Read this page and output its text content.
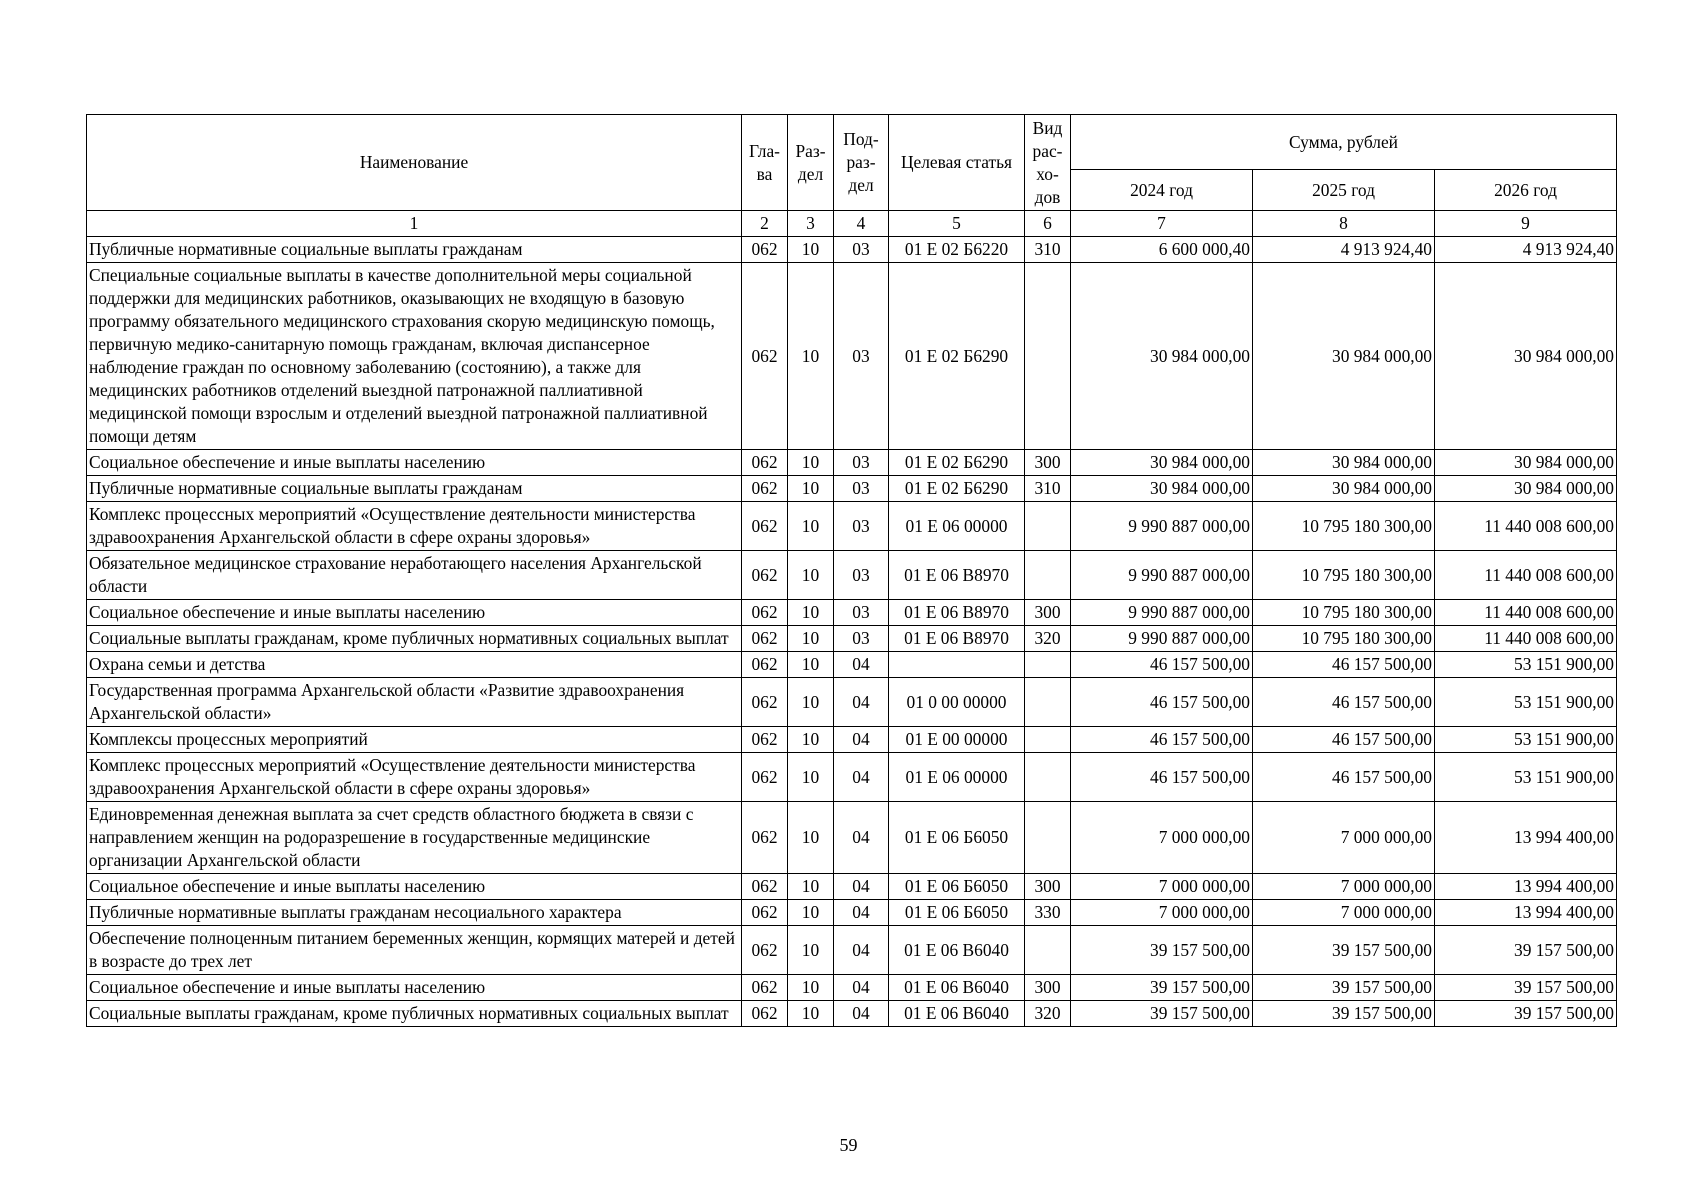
Наименование	Гла-ва	Раз-дел	Под-раз-дел	Целевая статья	Вид рас-хо-дов	Сумма, рублей		
						2024 год	2025 год	2026 год
1	2	3	4	5	6	7	8	9
Публичные нормативные социальные выплаты гражданам	062	10	03	01 Е 02 Б6220	310	6 600 000,40	4 913 924,40	4 913 924,40
Специальные социальные выплаты в качестве дополнительной меры социальной поддержки для медицинских работников, оказывающих не входящую в базовую программу обязательного медицинского страхования скорую медицинскую помощь, первичную медико-санитарную помощь гражданам, включая диспансерное наблюдение граждан по основному заболеванию (состоянию), а также для медицинских работников отделений выездной патронажной паллиативной медицинской помощи взрослым и отделений выездной патронажной паллиативной помощи детям	062	10	03	01 Е 02 Б6290		30 984 000,00	30 984 000,00	30 984 000,00
Социальное обеспечение и иные выплаты населению	062	10	03	01 Е 02 Б6290	300	30 984 000,00	30 984 000,00	30 984 000,00
Публичные нормативные социальные выплаты гражданам	062	10	03	01 Е 02 Б6290	310	30 984 000,00	30 984 000,00	30 984 000,00
Комплекс процессных мероприятий «Осуществление деятельности министерства здравоохранения Архангельской области в сфере охраны здоровья»	062	10	03	01 Е 06 00000		9 990 887 000,00	10 795 180 300,00	11 440 008 600,00
Обязательное медицинское страхование неработающего населения Архангельской области	062	10	03	01 Е 06 В8970		9 990 887 000,00	10 795 180 300,00	11 440 008 600,00
Социальное обеспечение и иные выплаты населению	062	10	03	01 Е 06 В8970	300	9 990 887 000,00	10 795 180 300,00	11 440 008 600,00
Социальные выплаты гражданам, кроме публичных нормативных социальных выплат	062	10	03	01 Е 06 В8970	320	9 990 887 000,00	10 795 180 300,00	11 440 008 600,00
Охрана семьи и детства	062	10	04			46 157 500,00	46 157 500,00	53 151 900,00
Государственная программа Архангельской области «Развитие здравоохранения Архангельской области»	062	10	04	01 0 00 00000		46 157 500,00	46 157 500,00	53 151 900,00
Комплексы процессных мероприятий	062	10	04	01 Е 00 00000		46 157 500,00	46 157 500,00	53 151 900,00
Комплекс процессных мероприятий «Осуществление деятельности министерства здравоохранения Архангельской области в сфере охраны здоровья»	062	10	04	01 Е 06 00000		46 157 500,00	46 157 500,00	53 151 900,00
Единовременная денежная выплата за счет средств областного бюджета в связи с направлением женщин на родоразрешение в государственные медицинские организации Архангельской области	062	10	04	01 Е 06 Б6050		7 000 000,00	7 000 000,00	13 994 400,00
Социальное обеспечение и иные выплаты населению	062	10	04	01 Е 06 Б6050	300	7 000 000,00	7 000 000,00	13 994 400,00
Публичные нормативные выплаты гражданам несоциального характера	062	10	04	01 Е 06 Б6050	330	7 000 000,00	7 000 000,00	13 994 400,00
Обеспечение полноценным питанием беременных женщин, кормящих матерей и детей в возрасте до трех лет	062	10	04	01 Е 06 В6040		39 157 500,00	39 157 500,00	39 157 500,00
Социальное обеспечение и иные выплаты населению	062	10	04	01 Е 06 В6040	300	39 157 500,00	39 157 500,00	39 157 500,00
Социальные выплаты гражданам, кроме публичных нормативных социальных выплат	062	10	04	01 Е 06 В6040	320	39 157 500,00	39 157 500,00	39 157 500,00
59
